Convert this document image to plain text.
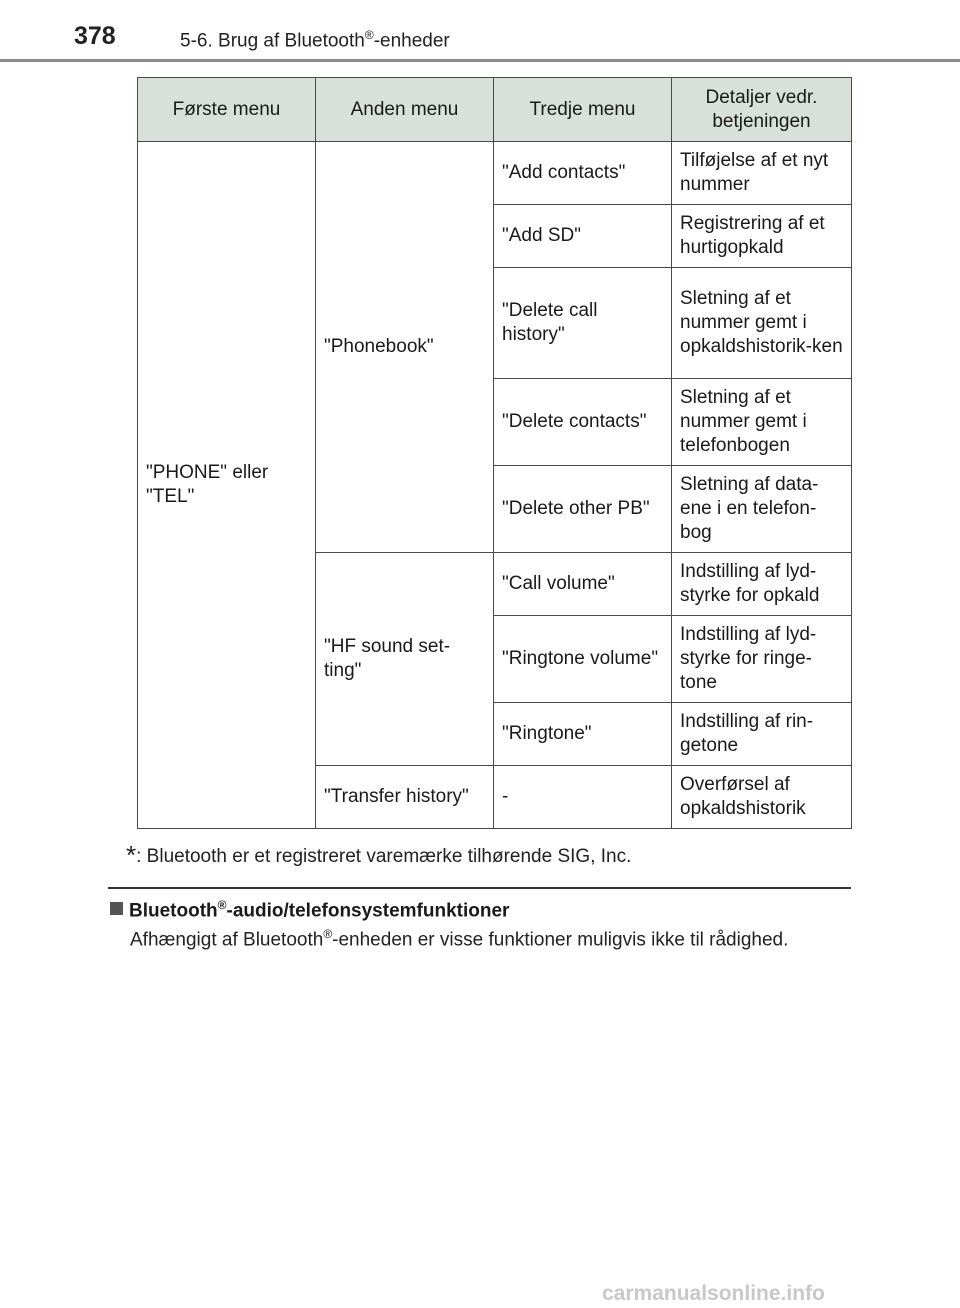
378	5-6. Brug af Bluetooth®-enheder
Første menu	Anden menu	Tredje menu	Detaljer vedr. betjeningen
"PHONE" eller "TEL"	"Phonebook"	"Add contacts"	Tilføjelse af et nyt nummer
		"Add SD"	Registrering af et hurtigopkald
		"Delete call history"	Sletning af et nummer gemt i opkaldshistorik-ken
		"Delete contacts"	Sletning af et nummer gemt i telefonbogen
		"Delete other PB"	Sletning af data-ene i en telefon-bog
	"HF sound set-ting"	"Call volume"	Indstilling af lyd-styrke for opkald
		"Ringtone volume"	Indstilling af lyd-styrke for ringe-tone
		"Ringtone"	Indstilling af rin-getone
	"Transfer history"	-	Overførsel af opkaldshistorik
*: Bluetooth er et registreret varemærke tilhørende SIG, Inc.
Bluetooth®-audio/telefonsystemfunktioner
Afhængigt af Bluetooth®-enheden er visse funktioner muligvis ikke til rådighed.
carmanualsonline.info
